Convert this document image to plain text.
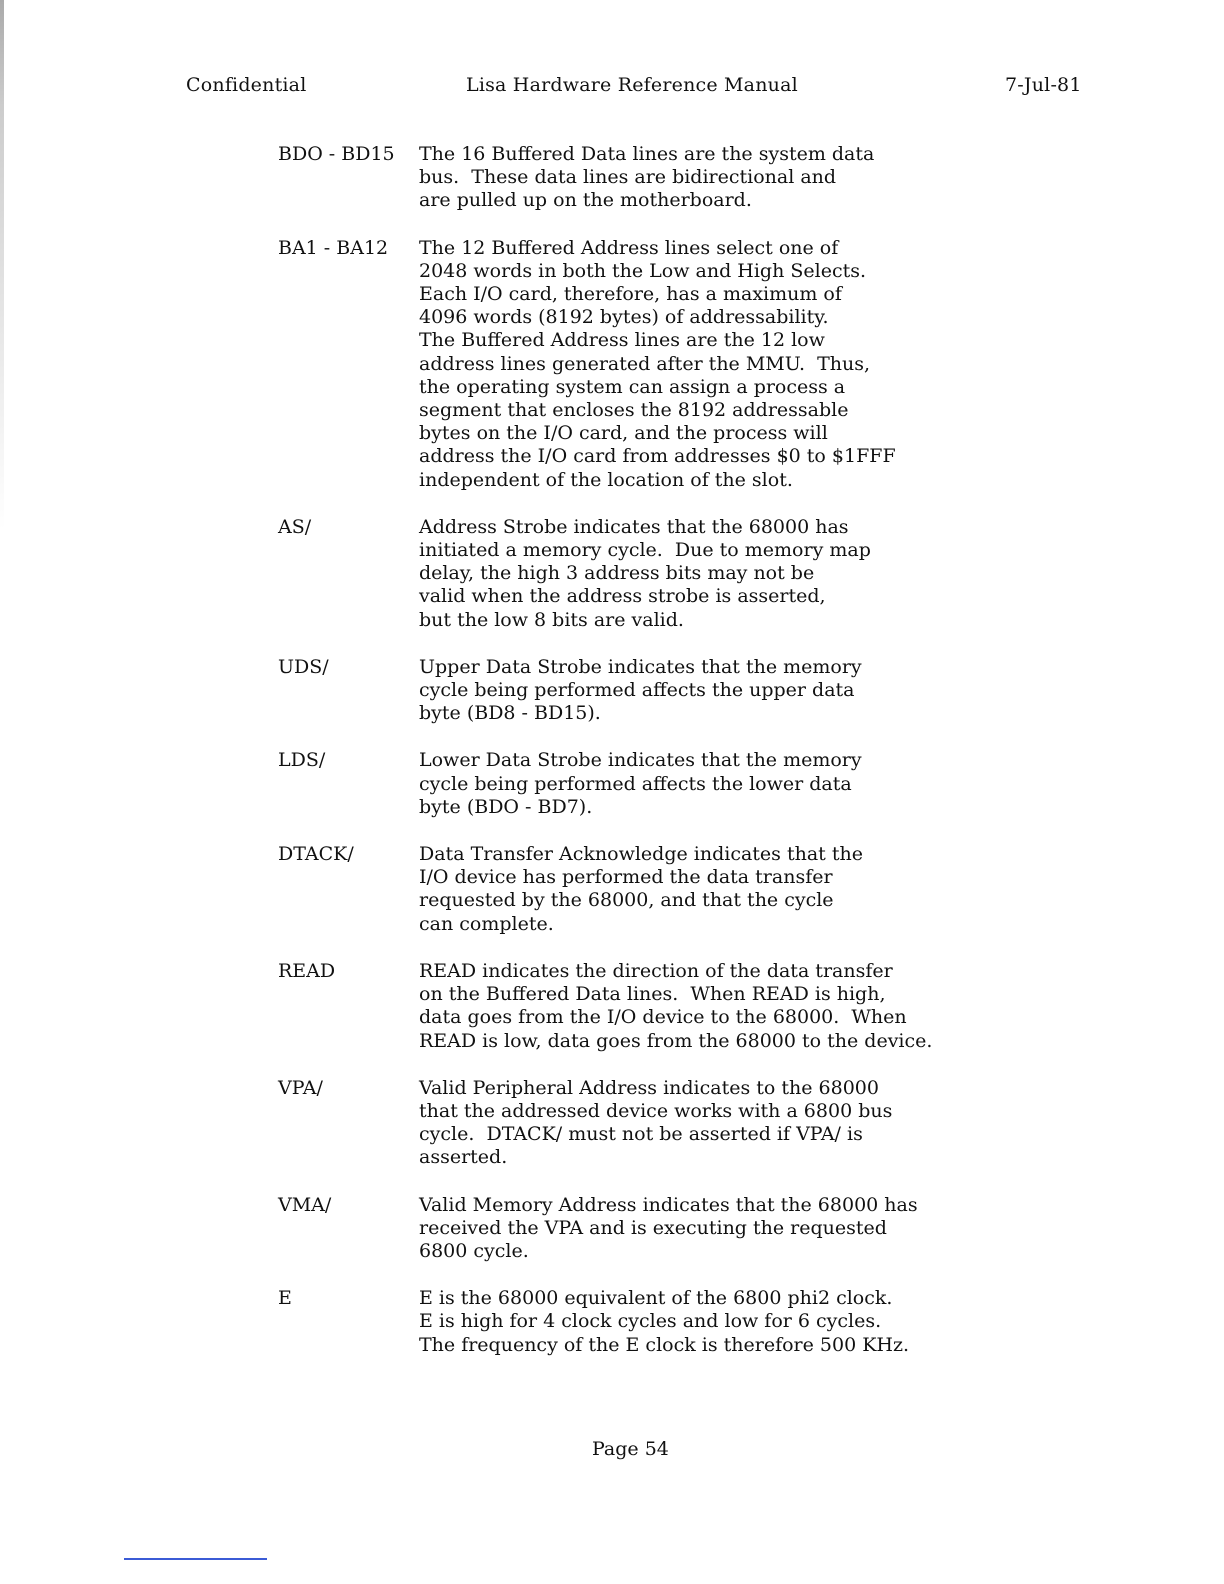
Confidential	Lisa Hardware Reference Manual	7-Jul-81
BDO - BD15	The 16 Buffered Data lines are the system data
bus.  These data lines are bidirectional and
are pulled up on the motherboard.
BA1 - BA12	The 12 Buffered Address lines select one of
2048 words in both the Low and High Selects.
Each I/O card, therefore, has a maximum of
4096 words (8192 bytes) of addressability.
The Buffered Address lines are the 12 low
address lines generated after the MMU.  Thus,
the operating system can assign a process a
segment that encloses the 8192 addressable
bytes on the I/O card, and the process will
address the I/O card from addresses $0 to $1FFF
independent of the location of the slot.
AS/	Address Strobe indicates that the 68000 has
initiated a memory cycle.  Due to memory map
delay, the high 3 address bits may not be
valid when the address strobe is asserted,
but the low 8 bits are valid.
UDS/	Upper Data Strobe indicates that the memory
cycle being performed affects the upper data
byte (BD8 - BD15).
LDS/	Lower Data Strobe indicates that the memory
cycle being performed affects the lower data
byte (BDO - BD7).
DTACK/	Data Transfer Acknowledge indicates that the
I/O device has performed the data transfer
requested by the 68000, and that the cycle
can complete.
READ	READ indicates the direction of the data transfer
on the Buffered Data lines.  When READ is high,
data goes from the I/O device to the 68000.  When
READ is low, data goes from the 68000 to the device.
VPA/	Valid Peripheral Address indicates to the 68000
that the addressed device works with a 6800 bus
cycle.  DTACK/ must not be asserted if VPA/ is
asserted.
VMA/	Valid Memory Address indicates that the 68000 has
received the VPA and is executing the requested
6800 cycle.
E	E is the 68000 equivalent of the 6800 phi2 clock.
E is high for 4 clock cycles and low for 6 cycles.
The frequency of the E clock is therefore 500 KHz.
Page 54
